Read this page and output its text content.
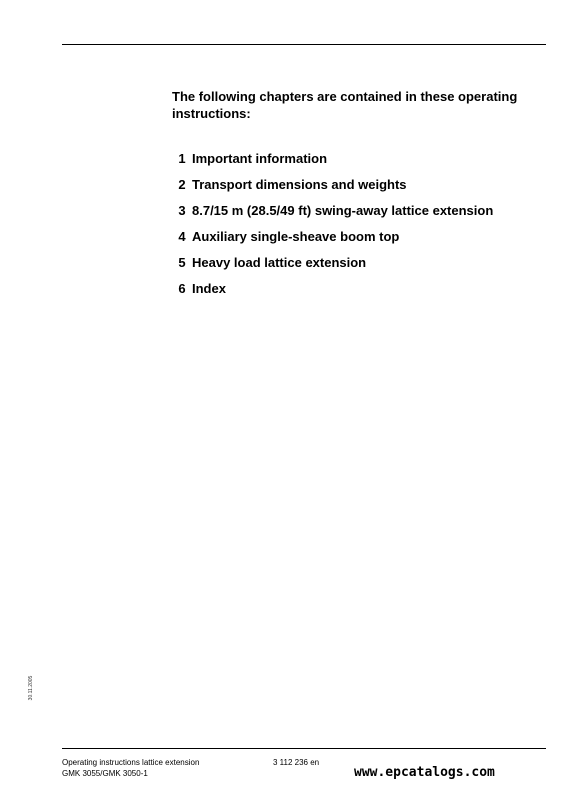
The following chapters are contained in these operating instructions:

1 Important information
2 Transport dimensions and weights
3 8.7/15 m (28.5/49 ft) swing-away lattice extension
4 Auxiliary single-sheave boom top
5 Heavy load lattice extension
6 Index
30.11.2005
Operating instructions lattice extension
GMK 3055/GMK 3050-1
3 112 236 en
www.epcatalogs.com
